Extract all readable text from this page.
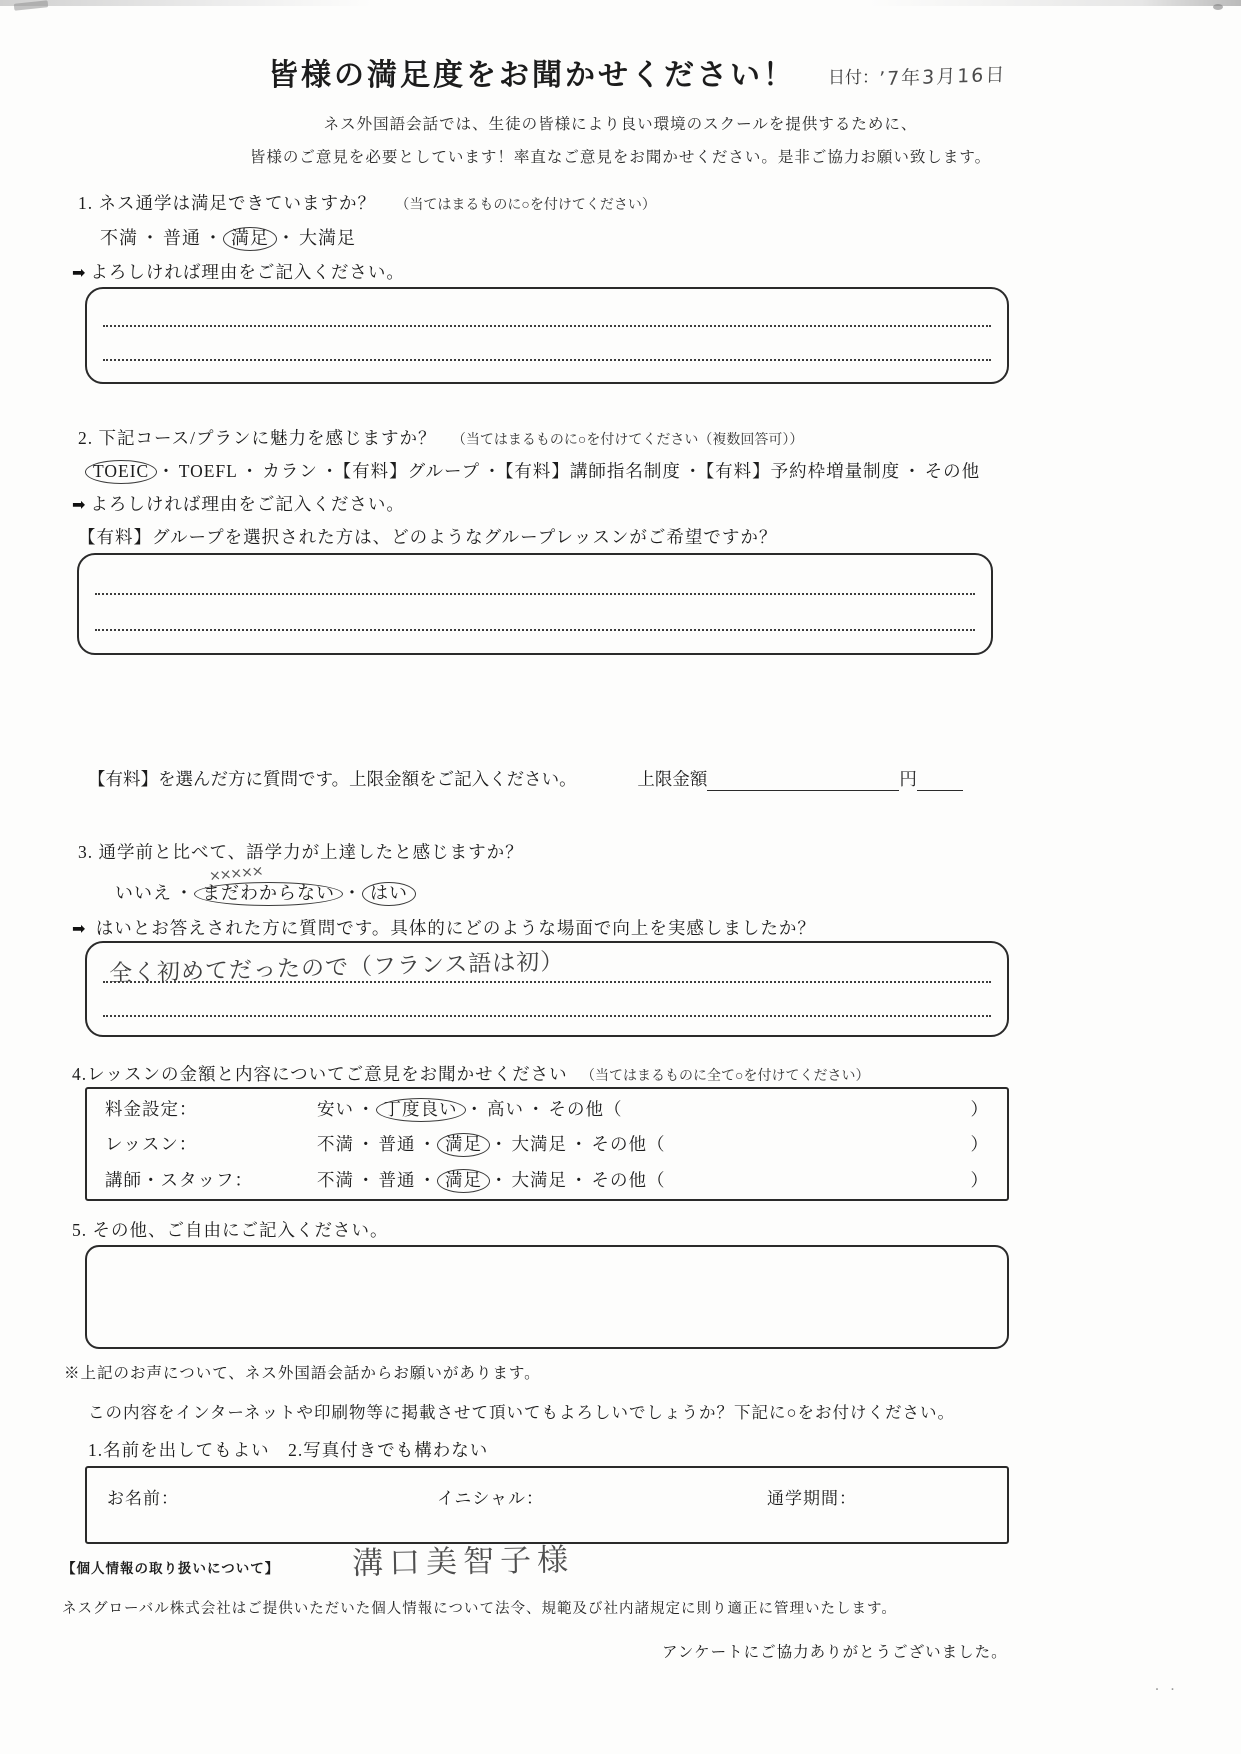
･ ･
皆様の満足度をお聞かせください！ 日付：’7年3月16日
ネス外国語会話では、生徒の皆様により良い環境のスクールを提供するために、
皆様のご意見を必要としています！率直なご意見をお聞かせください。是非ご協力お願い致します。
1. ネス通学は満足できていますか？ （当てはまるものに○を付けてください）
不満 ・ 普通 ・ 満足 ・ 大満足
➡ よろしければ理由をご記入ください。
2. 下記コース/プランに魅力を感じますか？ （当てはまるものに○を付けてください（複数回答可））
TOEIC ・ TOEFL ・ カラン ・ 【有料】グループ ・ 【有料】講師指名制度 ・ 【有料】予約枠増量制度 ・ その他
➡ よろしければ理由をご記入ください。
【有料】グループを選択された方は、どのようなグループレッスンがご希望ですか？
【有料】を選んだ方に質問です。上限金額をご記入ください。	上限金額	円
3. 通学前と比べて、語学力が上達したと感じますか？
いいえ ・ まだわからない ××××× ・ はい
➡ はいとお答えされた方に質問です。具体的にどのような場面で向上を実感しましたか？
全く初めてだったので（フランス語は初）
4.レッスンの金額と内容についてご意見をお聞かせください （当てはまるものに全て○を付けてください）
料金設定：	安い ・ 丁度良い ・ 高い ・ その他（	）
レッスン：	不満 ・ 普通 ・ 満足 ・ 大満足 ・ その他（	）
講師・スタッフ：	不満 ・ 普通 ・ 満足 ・ 大満足 ・ その他（	）
5. その他、ご自由にご記入ください。
※上記のお声について、ネス外国語会話からお願いがあります。
この内容をインターネットや印刷物等に掲載させて頂いてもよろしいでしょうか？下記に○をお付けください。
1.名前を出してもよい　2.写真付きでも構わない
お名前：	イニシャル：	通学期間：
【個人情報の取り扱いについて】 溝口美智子様
ネスグローバル株式会社はご提供いただいた個人情報について法令、規範及び社内諸規定に則り適正に管理いたします。
アンケートにご協力ありがとうございました。
